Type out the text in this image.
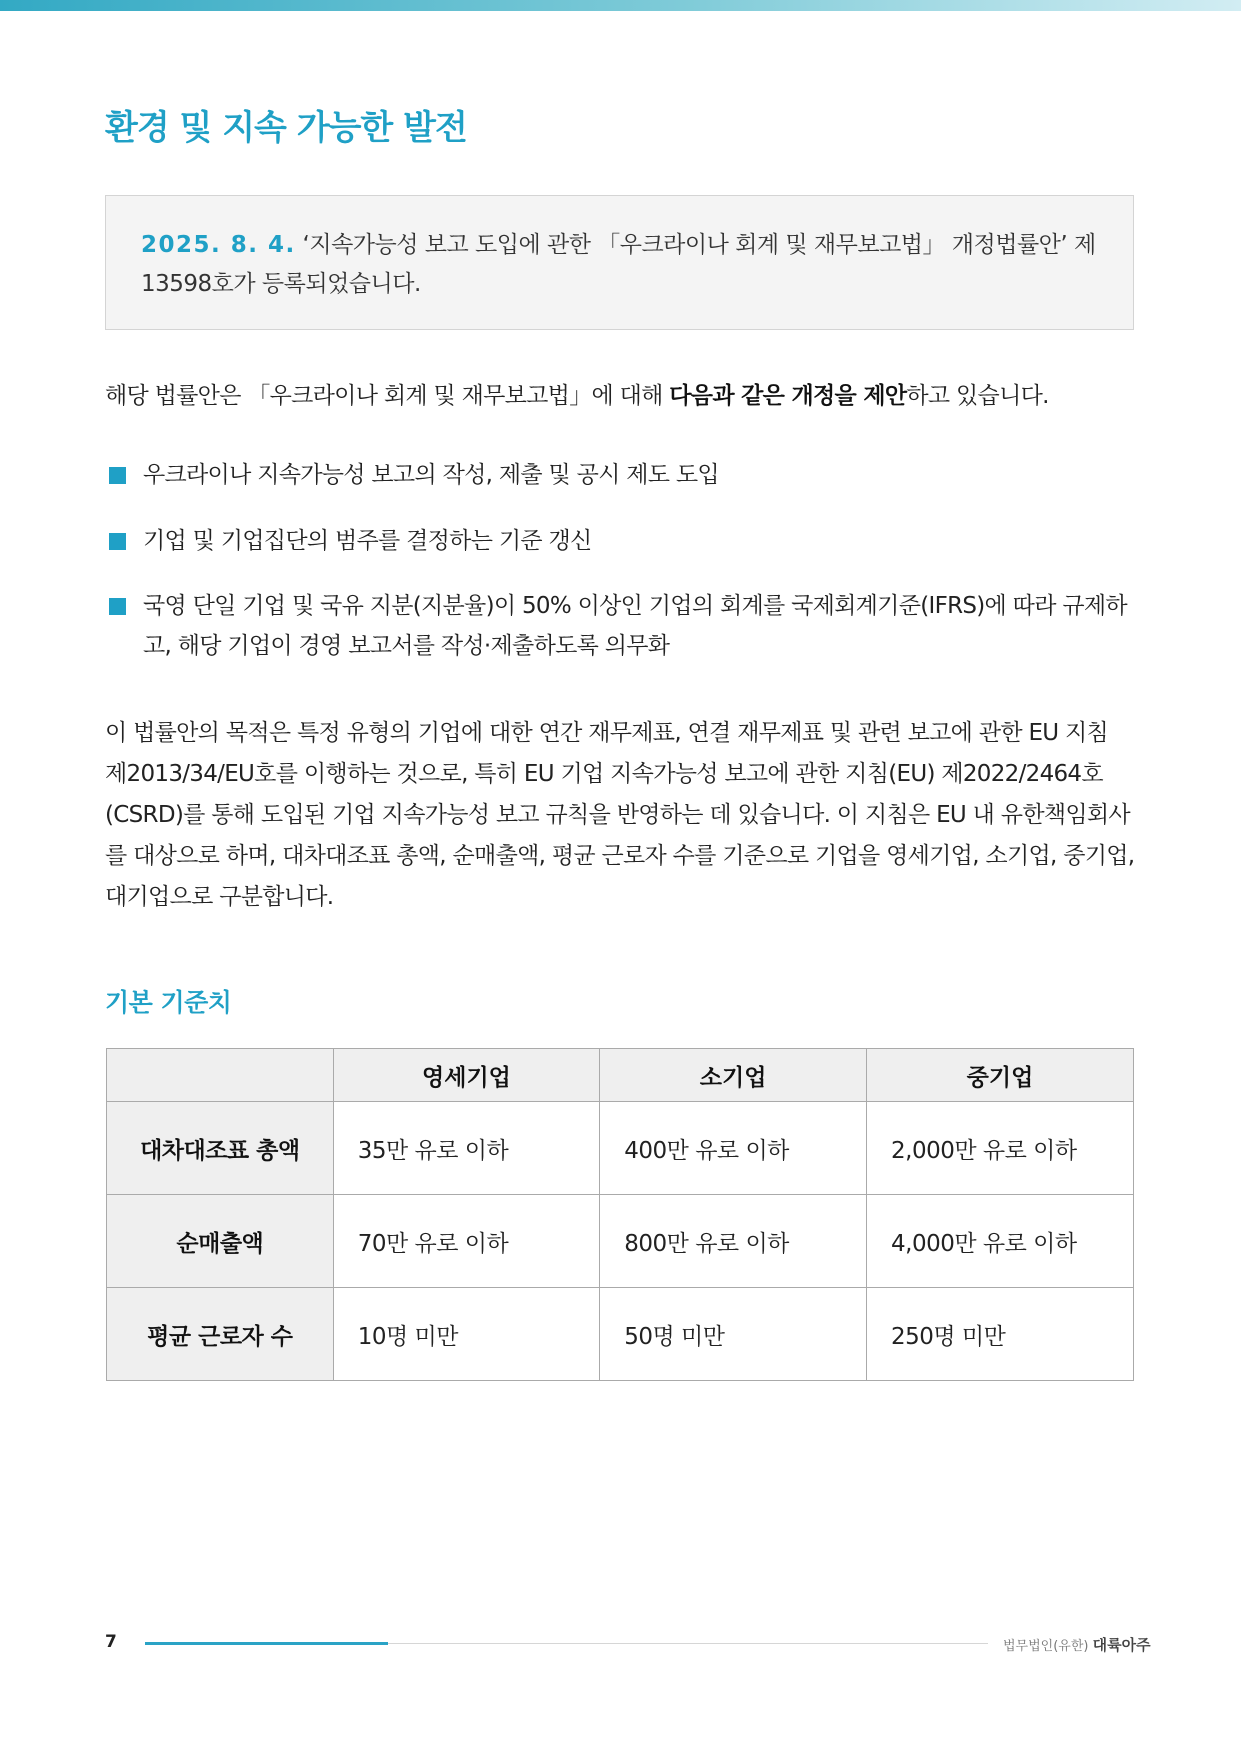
환경 및 지속 가능한 발전
2025. 8. 4. ‘지속가능성 보고 도입에 관한 「우크라이나 회계 및 재무보고법」 개정법률안’ 제 13598호가 등록되었습니다.

해당 법률안은 「우크라이나 회계 및 재무보고법」에 대해 다음과 같은 개정을 제안하고 있습니다.

우크라이나 지속가능성 보고의 작성, 제출 및 공시 제도 도입
기업 및 기업집단의 범주를 결정하는 기준 갱신
국영 단일 기업 및 국유 지분(지분율)이 50% 이상인 기업의 회계를 국제회계기준(IFRS)에 따라 규제하고, 해당 기업이 경영 보고서를 작성·제출하도록 의무화

이 법률안의 목적은 특정 유형의 기업에 대한 연간 재무제표, 연결 재무제표 및 관련 보고에 관한 EU 지침 제2013/34/EU호를 이행하는 것으로, 특히 EU 기업 지속가능성 보고에 관한 지침(EU) 제2022/2464호(CSRD)를 통해 도입된 기업 지속가능성 보고 규칙을 반영하는 데 있습니다. 이 지침은 EU 내 유한책임회사를 대상으로 하며, 대차대조표 총액, 순매출액, 평균 근로자 수를 기준으로 기업을 영세기업, 소기업, 중기업, 대기업으로 구분합니다.

기본 기준치
	영세기업	소기업	중기업
대차대조표 총액	35만 유로 이하	400만 유로 이하	2,000만 유로 이하
순매출액	70만 유로 이하	800만 유로 이하	4,000만 유로 이하
평균 근로자 수	10명 미만	50명 미만	250명 미만
7	법무법인(유한) 대륙아주
